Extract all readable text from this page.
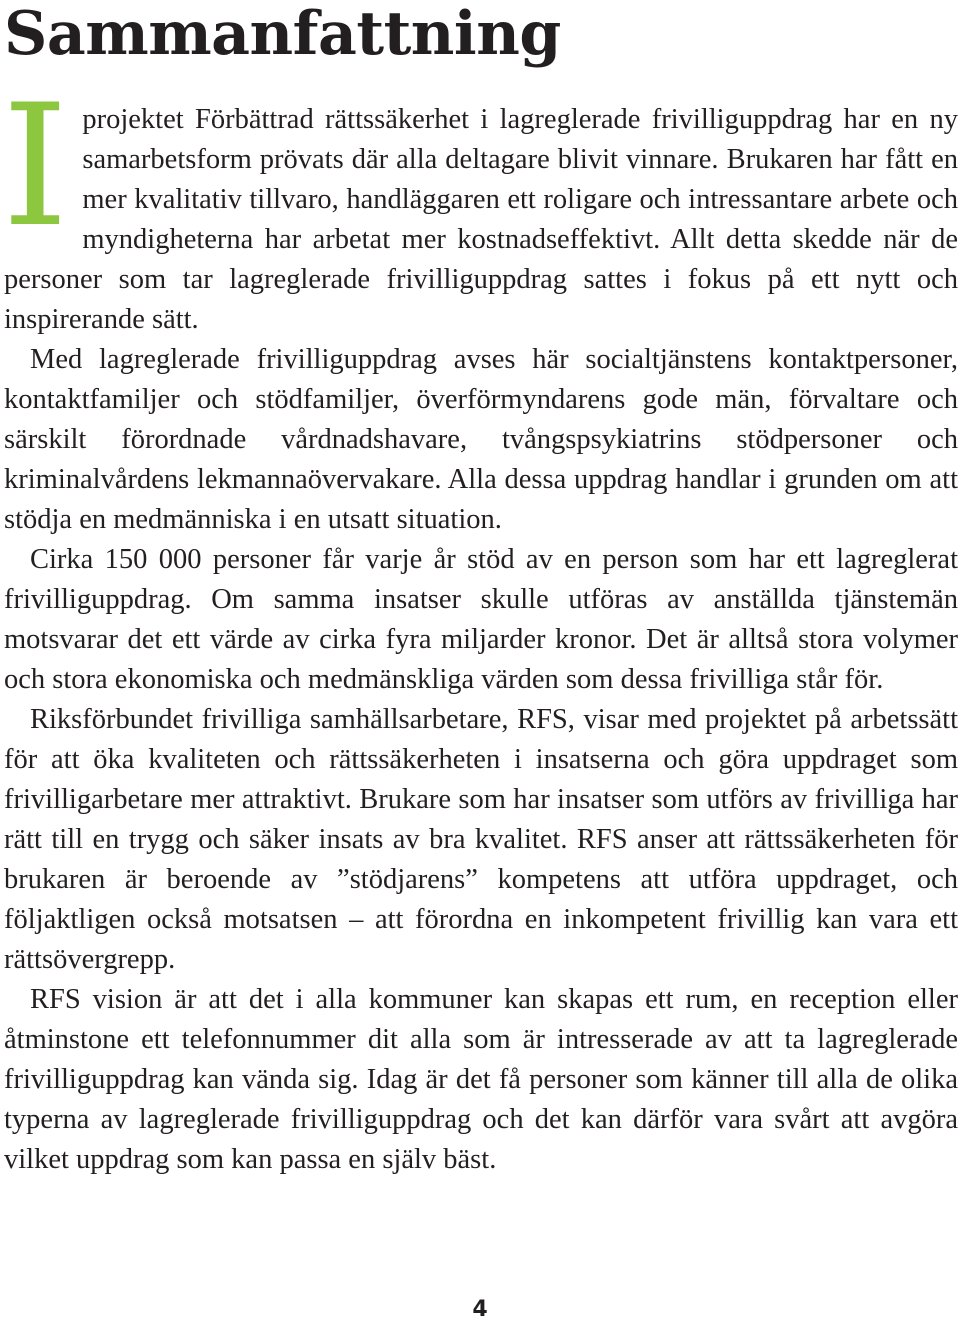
Sammanfattning

Iprojektet Förbättrad rättssäkerhet i lagreglerade frivilliguppdrag har en ny samarbetsform prövats där alla deltagare blivit vinnare. Brukaren har fått en mer kvalitativ tillvaro, handläggaren ett roligare och intressantare arbete och myndigheterna har arbetat mer kostnadseffektivt. Allt detta skedde när de personer som tar lagreglerade frivilliguppdrag sattes i fokus på ett nytt och inspirerande sätt.

Med lagreglerade frivilliguppdrag avses här socialtjänstens kontaktpersoner, kontaktfamiljer och stödfamiljer, överförmyndarens gode män, förvaltare och särskilt förordnade vårdnadshavare, tvångspsykiatrins stödpersoner och kriminalvårdens lekmannaövervakare. Alla dessa uppdrag handlar i grunden om att stödja en medmänniska i en utsatt situation.

Cirka 150 000 personer får varje år stöd av en person som har ett lagreglerat frivilliguppdrag. Om samma insatser skulle utföras av anställda tjänstemän motsvarar det ett värde av cirka fyra miljarder kronor. Det är alltså stora volymer och stora ekonomiska och medmänskliga värden som dessa frivilliga står för.

Riksförbundet frivilliga samhällsarbetare, RFS, visar med projektet på arbetssätt för att öka kvaliteten och rättssäkerheten i insatserna och göra uppdraget som frivilligarbetare mer attraktivt. Brukare som har insatser som utförs av frivilliga har rätt till en trygg och säker insats av bra kvalitet. RFS anser att rättssäkerheten för brukaren är beroende av ”stödjarens” kompetens att utföra uppdraget, och följaktligen också motsatsen – att förordna en inkompetent frivillig kan vara ett rättsövergrepp.

RFS vision är att det i alla kommuner kan skapas ett rum, en reception eller åtminstone ett telefonnummer dit alla som är intresserade av att ta lagreglerade frivilliguppdrag kan vända sig. Idag är det få personer som känner till alla de olika typerna av lagreglerade frivilliguppdrag och det kan därför vara svårt att avgöra vilket uppdrag som kan passa en själv bäst.

4
